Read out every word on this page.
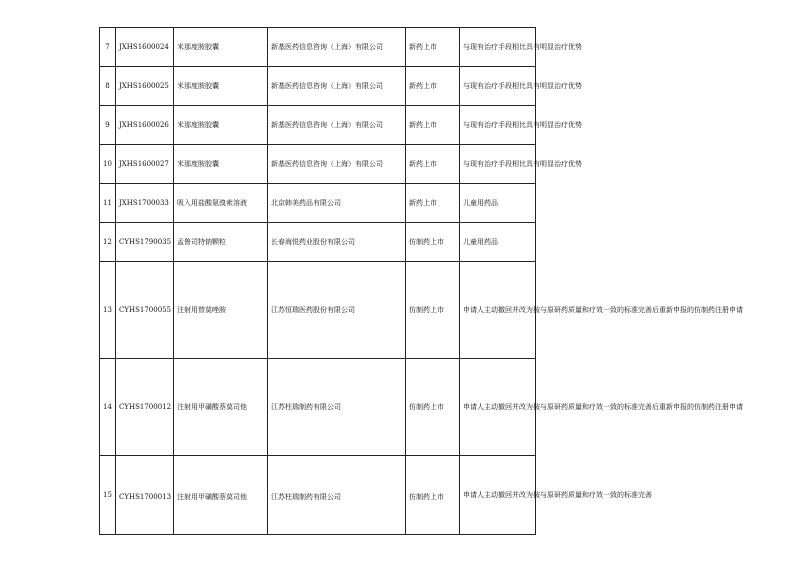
7	JXHS1600024	米那度胺胶囊	新基医药信息咨询（上海）有限公司	新药上市	与现有治疗手段相比具有明显治疗优势
8	JXHS1600025	米那度胺胶囊	新基医药信息咨询（上海）有限公司	新药上市	与现有治疗手段相比具有明显治疗优势
9	JXHS1600026	米那度胺胶囊	新基医药信息咨询（上海）有限公司	新药上市	与现有治疗手段相比具有明显治疗优势
10	JXHS1600027	米那度胺胶囊	新基医药信息咨询（上海）有限公司	新药上市	与现有治疗手段相比具有明显治疗优势
11	JXHS1700033	吸入用盐酸氨溴索溶液	北京韩美药品有限公司	新药上市	儿童用药品
12	CYHS1790035	孟鲁司特钠颗粒	长春海悦药业股份有限公司	仿制药上市	儿童用药品
13	CYHS1700055	注射用替莫唑胺	江苏恒瑞医药股份有限公司	仿制药上市	申请人主动撤回并改为按与原研药质量和疗效一致的标准完善后重新申报的仿制药注册申请
14	CYHS1700012	注射用甲磺酸萘莫司他	江苏柱瑞制药有限公司	仿制药上市	申请人主动撤回并改为按与原研药质量和疗效一致的标准完善后重新申报的仿制药注册申请
15	CYHS1700013	注射用甲磺酸萘莫司他	江苏柱瑞制药有限公司	仿制药上市	申请人主动撤回并改为按与原研药质量和疗效一致的标准完善
